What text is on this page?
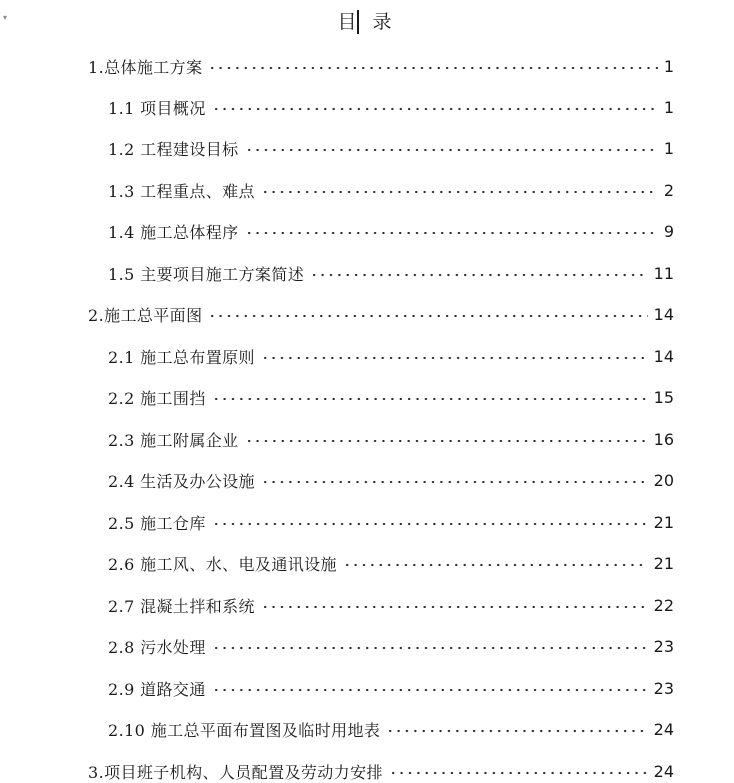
▾	目 录
1.总体施工方案	1
1.1 项目概况	1
1.2 工程建设目标	1
1.3 工程重点、难点	2
1.4 施工总体程序	9
1.5 主要项目施工方案简述	11
2.施工总平面图	14
2.1 施工总布置原则	14
2.2 施工围挡	15
2.3 施工附属企业	16
2.4 生活及办公设施	20
2.5 施工仓库	21
2.6 施工风、水、电及通讯设施	21
2.7 混凝土拌和系统	22
2.8 污水处理	23
2.9 道路交通	23
2.10 施工总平面布置图及临时用地表	24
3.项目班子机构、人员配置及劳动力安排	24
